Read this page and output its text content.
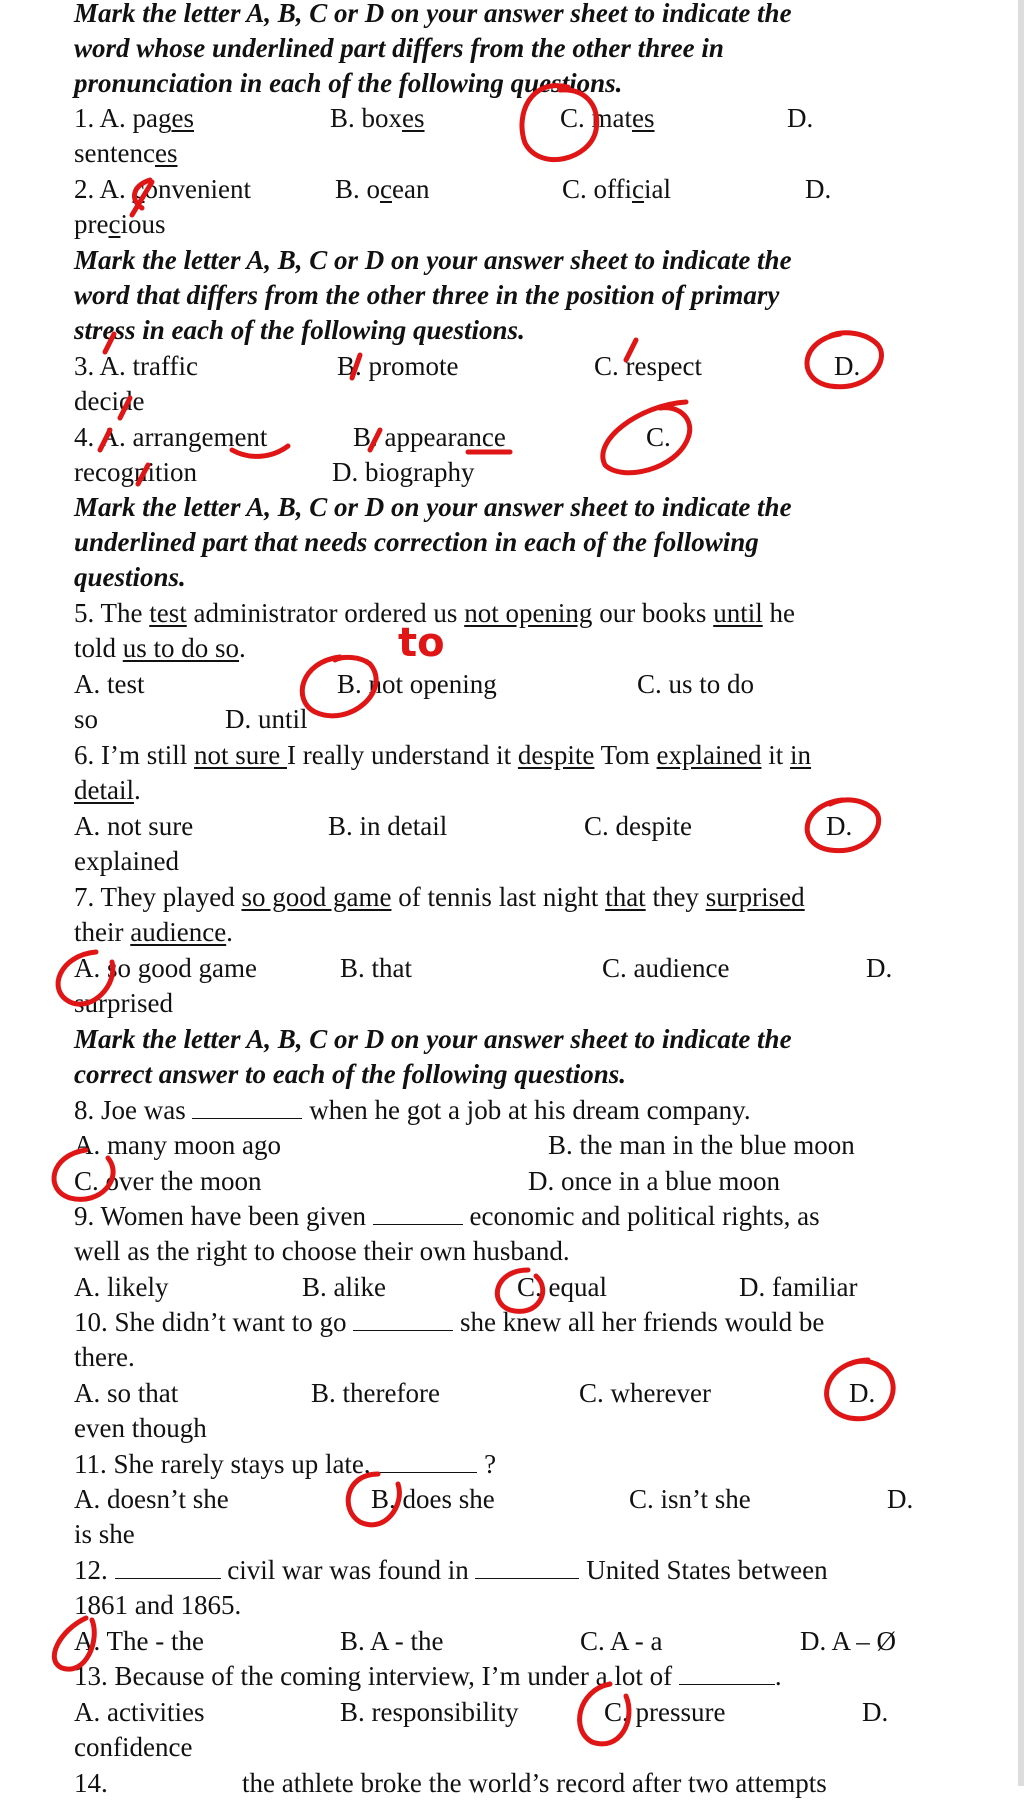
Mark the letter A, B, C or D on your answer sheet to indicate the
word whose underlined part differs from the other three in
pronunciation in each of the following questions.
1. A. pages	B. boxes	C. mates	D.
sentences
2. A. convenient	B. ocean	C. official	D.
precious
Mark the letter A, B, C or D on your answer sheet to indicate the
word that differs from the other three in the position of primary
stress in each of the following questions.
3. A. traffic	B. promote	C. respect	D.
decide
4. A. arrangement	B. appearance	C.
recognition	D. biography
Mark the letter A, B, C or D on your answer sheet to indicate the
underlined part that needs correction in each of the following
questions.
5. The test administrator ordered us not opening our books until he
told us to do so.
A. test	B. not opening	C. us to do
so	D. until
to
6. I’m still not sure I really understand it despite Tom explained it in
detail.
A. not sure	B. in detail	C. despite	D.
explained
7. They played so good game of tennis last night that they surprised
their audience.
A. so good game	B. that	C. audience	D.
surprised
Mark the letter A, B, C or D on your answer sheet to indicate the
correct answer to each of the following questions.
8. Joe was	when he got a job at his dream company.
A. many moon ago	B. the man in the blue moon
C. over the moon	D. once in a blue moon
9. Women have been given	economic and political rights, as
well as the right to choose their own husband.
A. likely	B. alike	C. equal	D. familiar
10. She didn’t want to go	she knew all her friends would be
there.
A. so that	B. therefore	C. wherever	D.
even though
11. She rarely stays up late,	?
A. doesn’t she	B. does she	C. isn’t she	D.
is she
12.	civil war was found in	United States between
1861 and 1865.
A. The - the	B. A - the	C. A - a	D. A – Ø
13. Because of the coming interview, I’m under a lot of	.
A. activities	B. responsibility	C. pressure	D.
confidence
14.	the athlete broke the world’s record after two attempts
